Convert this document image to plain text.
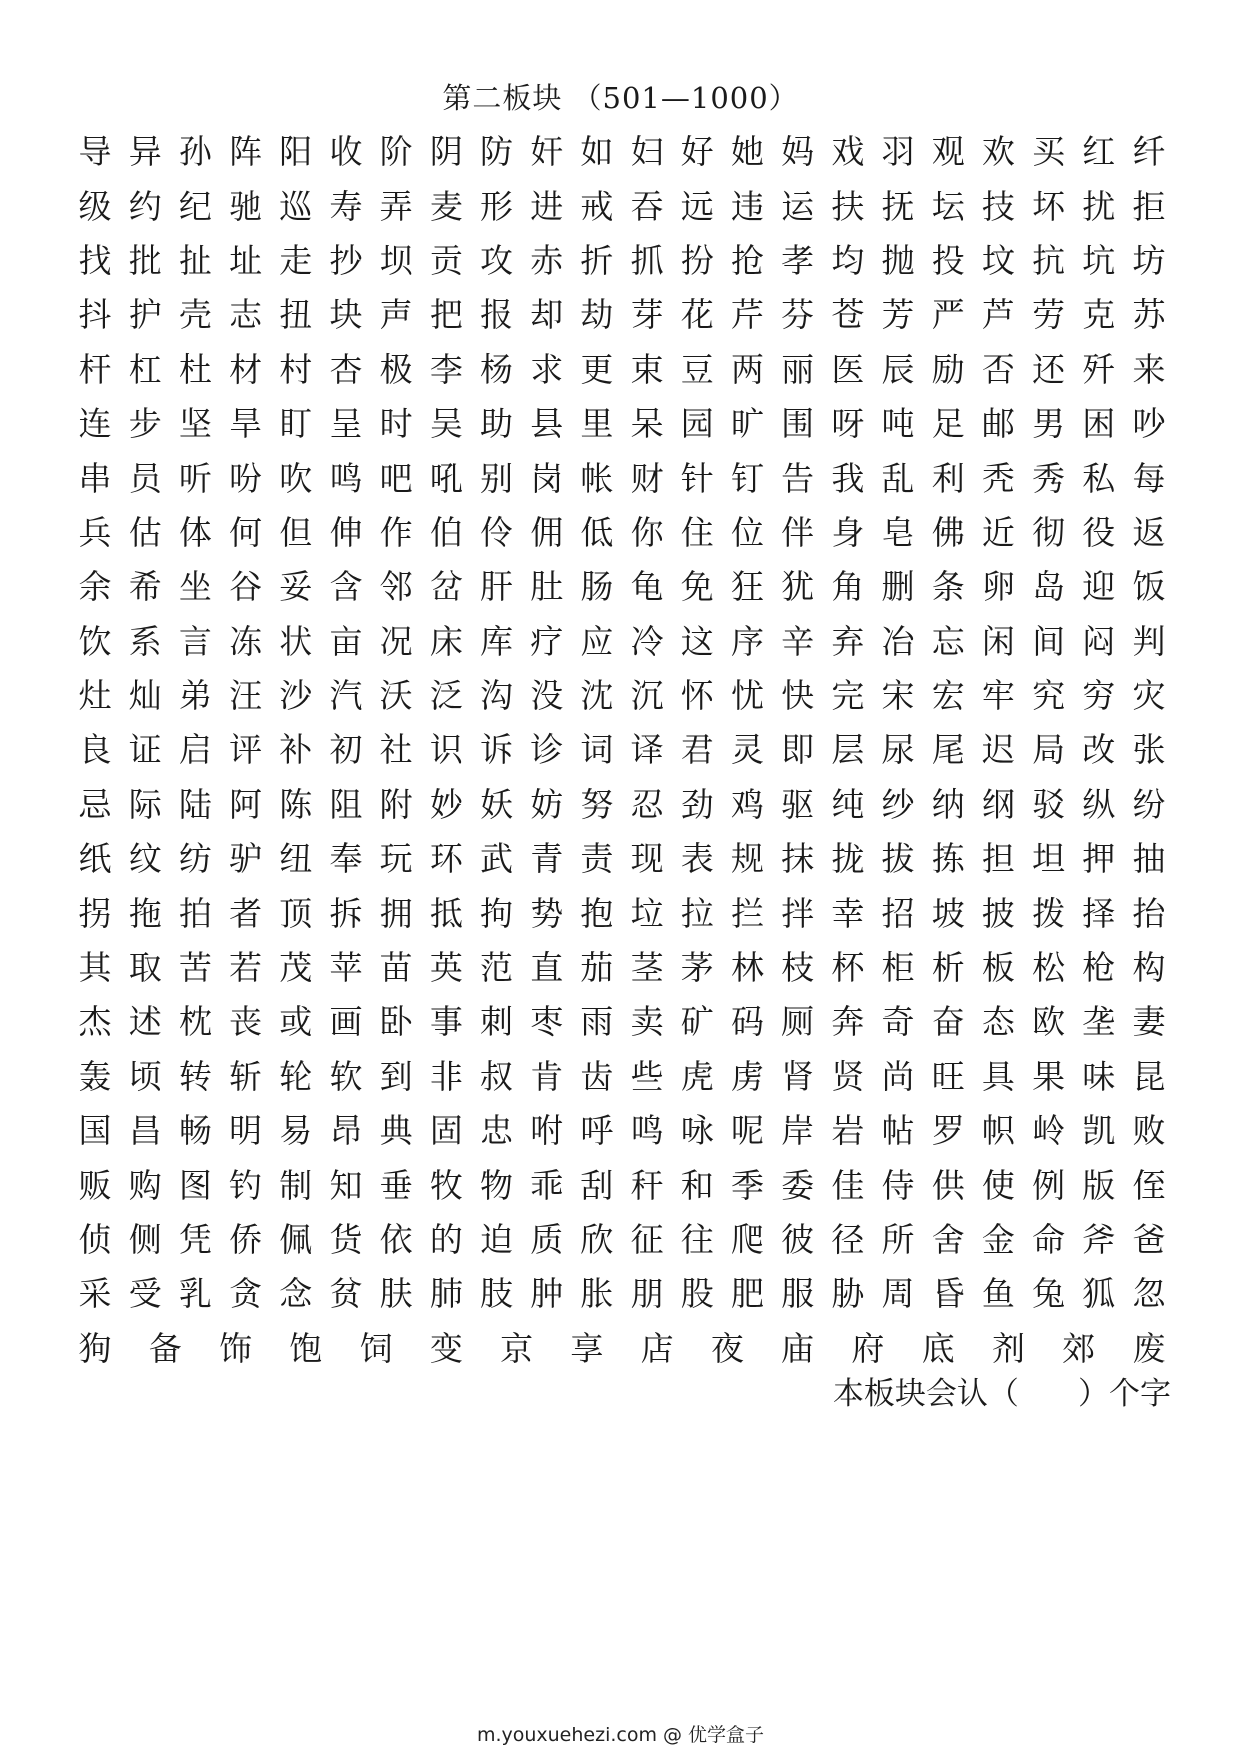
第二板块 （501—1000）
导 异 孙 阵 阳 收 阶 阴 防 奸 如 妇 好 她 妈 戏 羽 观 欢 买 红 纤
级 约 纪 驰 巡 寿 弄 麦 形 进 戒 吞 远 违 运 扶 抚 坛 技 坏 扰 拒
找 批 扯 址 走 抄 坝 贡 攻 赤 折 抓 扮 抢 孝 均 抛 投 坟 抗 坑 坊
抖 护 壳 志 扭 块 声 把 报 却 劫 芽 花 芹 芬 苍 芳 严 芦 劳 克 苏
杆 杠 杜 材 村 杏 极 李 杨 求 更 束 豆 两 丽 医 辰 励 否 还 歼 来
连 步 坚 旱 盯 呈 时 吴 助 县 里 呆 园 旷 围 呀 吨 足 邮 男 困 吵
串 员 听 吩 吹 鸣 吧 吼 别 岗 帐 财 针 钉 告 我 乱 利 秃 秀 私 每
兵 估 体 何 但 伸 作 伯 伶 佣 低 你 住 位 伴 身 皂 佛 近 彻 役 返
余 希 坐 谷 妥 含 邻 岔 肝 肚 肠 龟 免 狂 犹 角 删 条 卵 岛 迎 饭
饮 系 言 冻 状 亩 况 床 库 疗 应 冷 这 序 辛 弃 冶 忘 闲 间 闷 判
灶 灿 弟 汪 沙 汽 沃 泛 沟 没 沈 沉 怀 忧 快 完 宋 宏 牢 究 穷 灾
良 证 启 评 补 初 社 识 诉 诊 词 译 君 灵 即 层 尿 尾 迟 局 改 张
忌 际 陆 阿 陈 阻 附 妙 妖 妨 努 忍 劲 鸡 驱 纯 纱 纳 纲 驳 纵 纷
纸 纹 纺 驴 纽 奉 玩 环 武 青 责 现 表 规 抹 拢 拔 拣 担 坦 押 抽
拐 拖 拍 者 顶 拆 拥 抵 拘 势 抱 垃 拉 拦 拌 幸 招 坡 披 拨 择 抬
其 取 苦 若 茂 苹 苗 英 范 直 茄 茎 茅 林 枝 杯 柜 析 板 松 枪 构
杰 述 枕 丧 或 画 卧 事 刺 枣 雨 卖 矿 码 厕 奔 奇 奋 态 欧 垄 妻
轰 顷 转 斩 轮 软 到 非 叔 肯 齿 些 虎 虏 肾 贤 尚 旺 具 果 味 昆
国 昌 畅 明 易 昂 典 固 忠 咐 呼 鸣 咏 呢 岸 岩 帖 罗 帜 岭 凯 败
贩 购 图 钓 制 知 垂 牧 物 乖 刮 秆 和 季 委 佳 侍 供 使 例 版 侄
侦 侧 凭 侨 佩 货 依 的 迫 质 欣 征 往 爬 彼 径 所 舍 金 命 斧 爸
采 受 乳 贪 念 贫 肤 肺 肢 肿 胀 朋 股 肥 服 胁 周 昏 鱼 兔 狐 忽
狗 备 饰 饱 饲 变 京 享 店 夜 庙 府 底 剂 郊 废
本板块会认（      ）个字
m.youxuehezi.com @ 优学盒子
